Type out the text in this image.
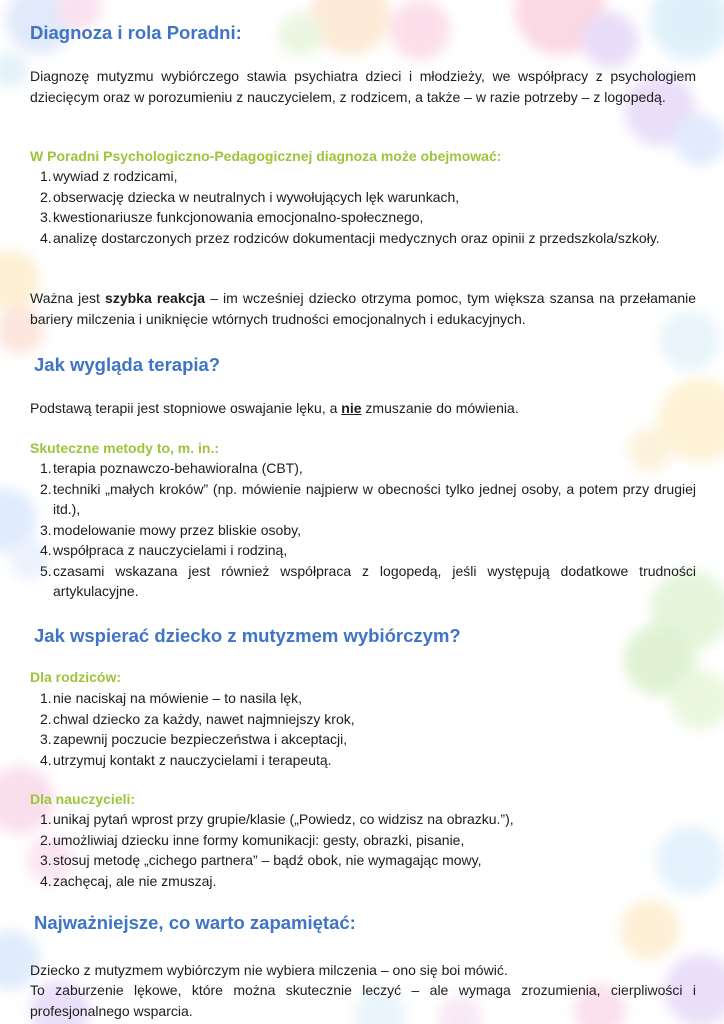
Diagnoza i rola Poradni:

Diagnozę mutyzmu wybiórczego stawia psychiatra dzieci i młodzieży, we współpracy z psychologiem dziecięcym oraz w porozumieniu z nauczycielem, z rodzicem, a także – w razie potrzeby – z logopedą.

W Poradni Psychologiczno-Pedagogicznej diagnoza może obejmować:

1. wywiad z rodzicami,
2. obserwację dziecka w neutralnych i wywołujących lęk warunkach,
3. kwestionariusze funkcjonowania emocjonalno-społecznego,
4. analizę dostarczonych przez rodziców dokumentacji medycznych oraz opinii z przedszkola/szkoły.

Ważna jest szybka reakcja – im wcześniej dziecko otrzyma pomoc, tym większa szansa na przełamanie bariery milczenia i uniknięcie wtórnych trudności emocjonalnych i edukacyjnych.

Jak wygląda terapia?

Podstawą terapii jest stopniowe oswajanie lęku, a nie zmuszanie do mówienia.

Skuteczne metody to, m. in.:

1. terapia poznawczo-behawioralna (CBT),
2. techniki „małych kroków” (np. mówienie najpierw w obecności tylko jednej osoby, a potem przy drugiej itd.),
3. modelowanie mowy przez bliskie osoby,
4. współpraca z nauczycielami i rodziną,
5. czasami wskazana jest również współpraca z logopedą, jeśli występują dodatkowe trudności artykulacyjne.
Jak wspierać dziecko z mutyzmem wybiórczym?

Dla rodziców:

1. nie naciskaj na mówienie – to nasila lęk,
2. chwal dziecko za każdy, nawet najmniejszy krok,
3. zapewnij poczucie bezpieczeństwa i akceptacji,
4. utrzymuj kontakt z nauczycielami i terapeutą.

Dla nauczycieli:

1. unikaj pytań wprost przy grupie/klasie („Powiedz, co widzisz na obrazku.”),
2. umożliwiaj dziecku inne formy komunikacji: gesty, obrazki, pisanie,
3. stosuj metodę „cichego partnera” – bądź obok, nie wymagając mowy,
4. zachęcaj, ale nie zmuszaj.
Najważniejsze, co warto zapamiętać:

Dziecko z mutyzmem wybiórczym nie wybiera milczenia – ono się boi mówić.

To zaburzenie lękowe, które można skutecznie leczyć – ale wymaga zrozumienia, cierpliwości i profesjonalnego wsparcia.
